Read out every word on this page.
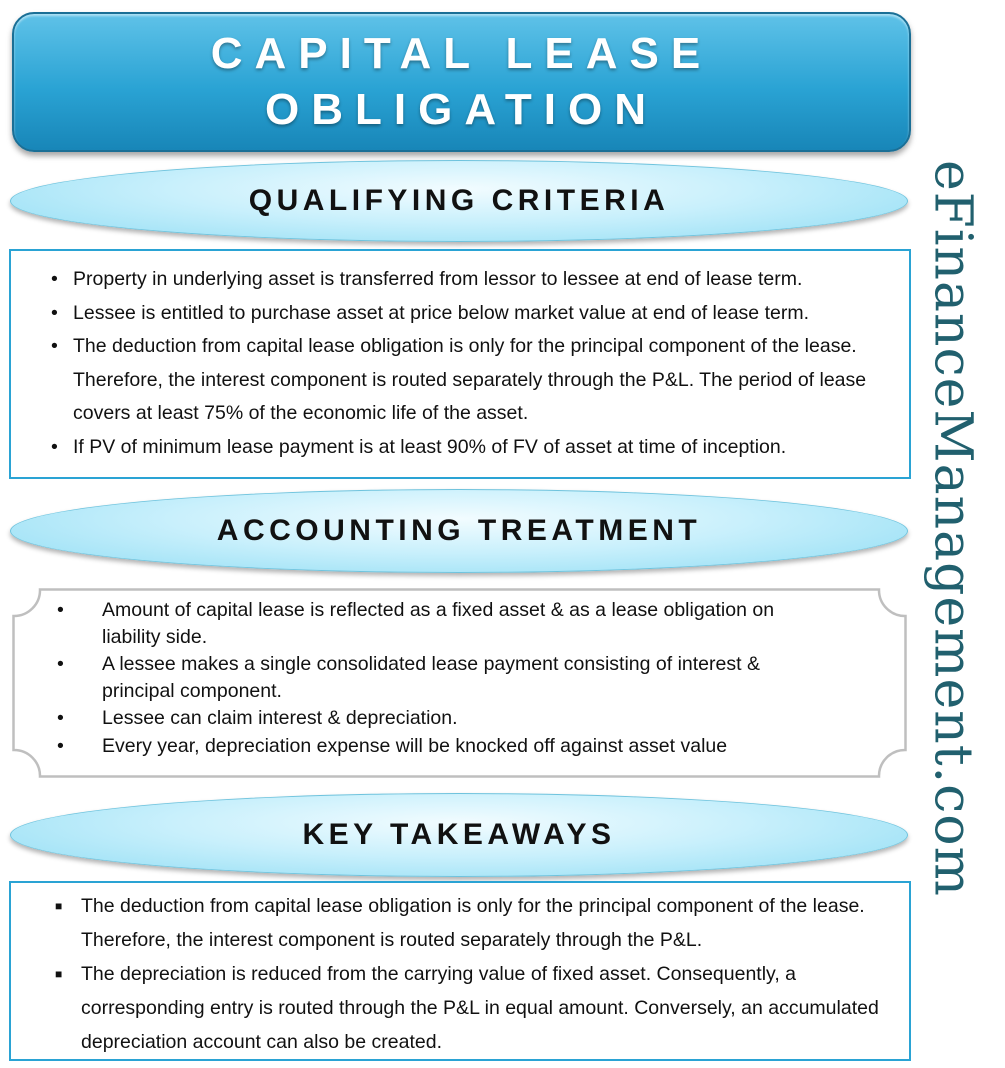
CAPITAL LEASE
OBLIGATION
QUALIFYING CRITERIA
• Property in underlying asset is transferred from lessor to lessee at end of lease term.
• Lessee is entitled to purchase asset at price below market value at end of lease term.
• The deduction from capital lease obligation is only for the principal component of the lease. Therefore, the interest component is routed separately through the P&L. The period of lease covers at least 75% of the economic life of the asset.
• If PV of minimum lease payment is at least 90% of FV of asset at time of inception.
ACCOUNTING TREATMENT
• Amount of capital lease is reflected as a fixed asset & as a lease obligation on liability side.
• A lessee makes a single consolidated lease payment consisting of interest & principal component.
• Lessee can claim interest & depreciation.
• Every year, depreciation expense will be knocked off against asset value
KEY TAKEAWAYS
■ The deduction from capital lease obligation is only for the principal component of the lease. Therefore, the interest component is routed separately through the P&L.
■ The depreciation is reduced from the carrying value of fixed asset. Consequently, a corresponding entry is routed through the P&L in equal amount. Conversely, an accumulated depreciation account can also be created.
eFinanceManagement.com
